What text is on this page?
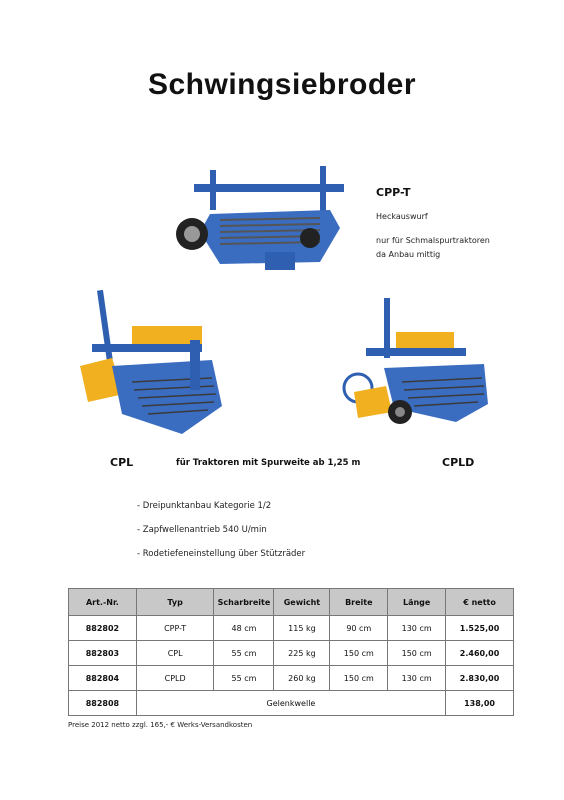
Schwingsiebroder
CPP-T
Heckauswurf
nur für Schmalspurtraktoren
da Anbau mittig
CPL	für Traktoren mit Spurweite ab 1,25 m	CPLD
- Dreipunktanbau Kategorie 1/2
- Zapfwellenantrieb 540 U/min
- Rodetiefeneinstellung über Stützräder
Art.-Nr.	Typ	Scharbreite	Gewicht	Breite	Länge	€ netto
882802	CPP-T	48 cm	115 kg	90 cm	130 cm	1.525,00
882803	CPL	55 cm	225 kg	150 cm	150 cm	2.460,00
882804	CPLD	55 cm	260 kg	150 cm	130 cm	2.830,00
882808	Gelenkwelle					138,00
Preise 2012 netto zzgl. 165,- € Werks-Versandkosten
